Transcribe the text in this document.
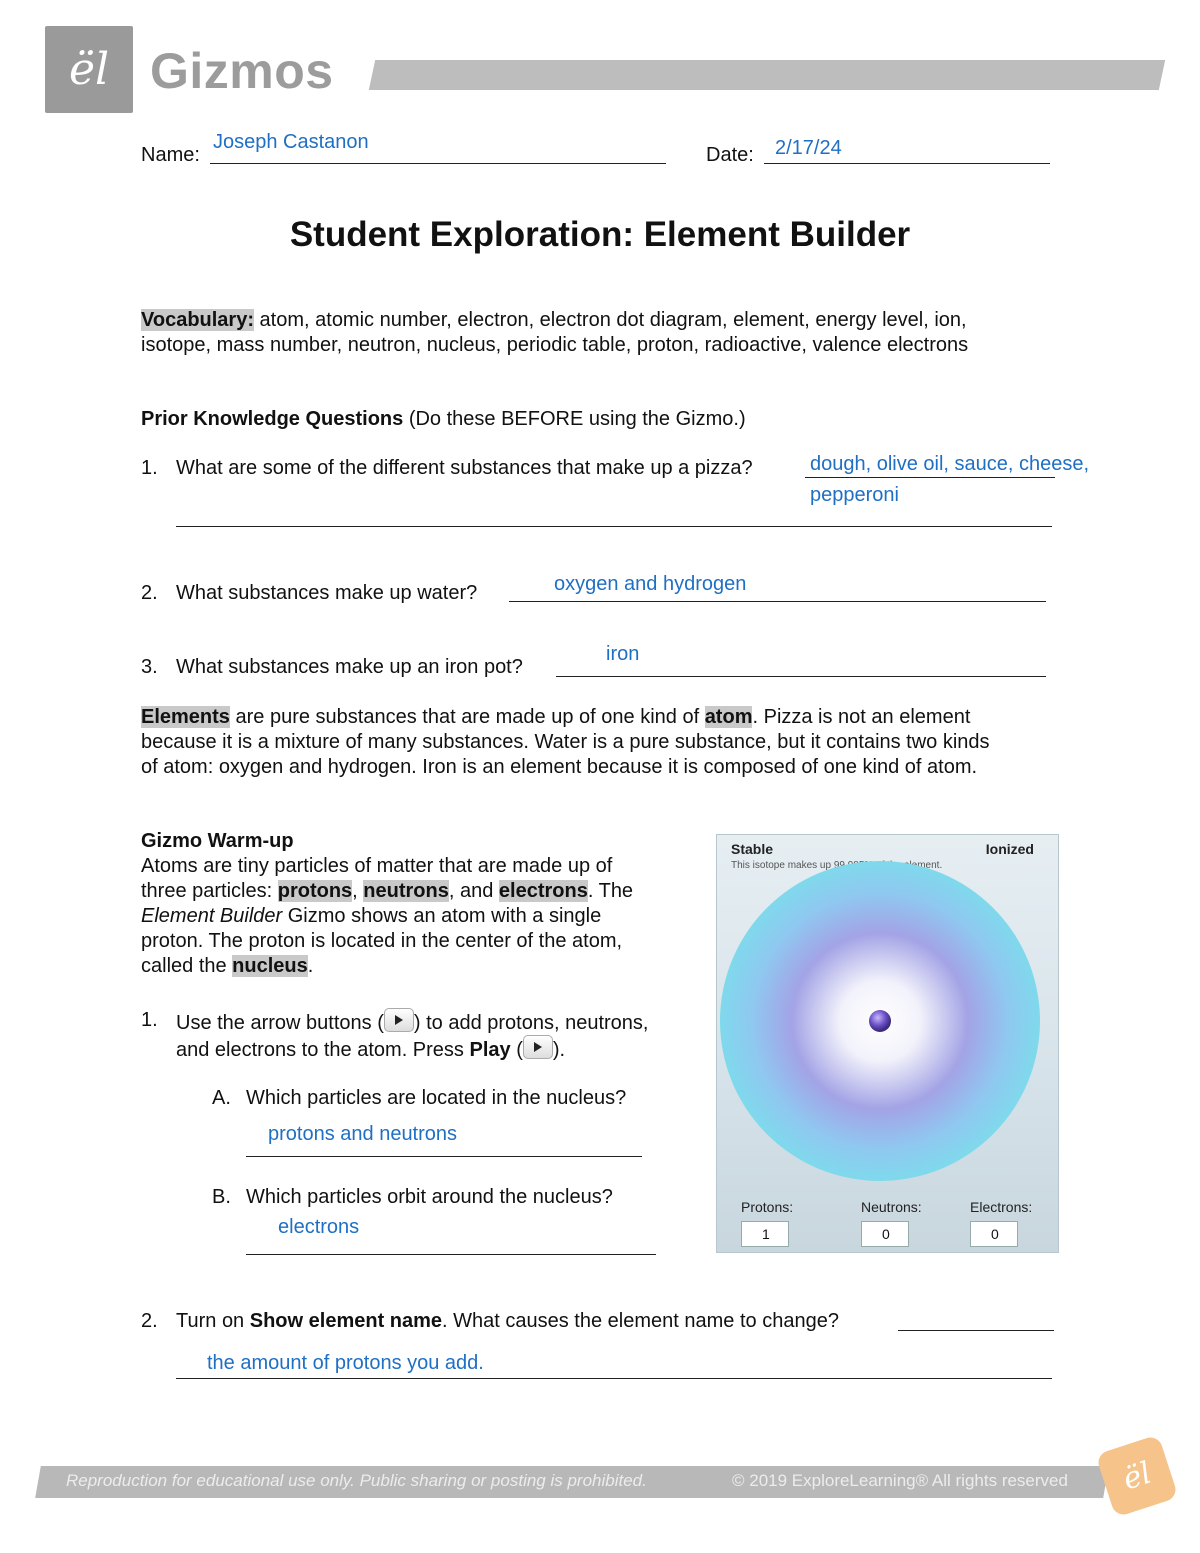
ël Gizmos
Name:
Joseph Castanon
Date: 2/17/24
Student Exploration: Element Builder
Vocabulary: atom, atomic number, electron, electron dot diagram, element, energy level, ion,
isotope, mass number, neutron, nucleus, periodic table, proton, radioactive, valence electrons
Prior Knowledge Questions (Do these BEFORE using the Gizmo.)
1. What are some of the different substances that make up a pizza?	dough, olive oil, sauce, cheese,
pepperoni
2. What substances make up water?	oxygen and hydrogen
3. What substances make up an iron pot?
iron
Elements are pure substances that are made up of one kind of atom. Pizza is not an element
because it is a mixture of many substances. Water is a pure substance, but it contains two kinds
of atom: oxygen and hydrogen. Iron is an element because it is composed of one kind of atom.
Gizmo Warm-up
Atoms are tiny particles of matter that are made up of
three particles: protons, neutrons, and electrons. The
Element Builder Gizmo shows an atom with a single
proton. The proton is located in the center of the atom,
called the nucleus.
1. Use the arrow buttons ( ) to add protons, neutrons,
and electrons to the atom. Press Play ( ).
A. Which particles are located in the nucleus?
protons and neutrons
B. Which particles orbit around the nucleus?
electrons
Stable	Ionized
This isotope makes up 99.985% of the element.
Protons:
1
Neutrons:
0
Electrons:
0
2. Turn on Show element name. What causes the element name to change?
the amount of protons you add.
Reproduction for educational use only. Public sharing or posting is prohibited.	© 2019 ExploreLearning® All rights reserved	ël
